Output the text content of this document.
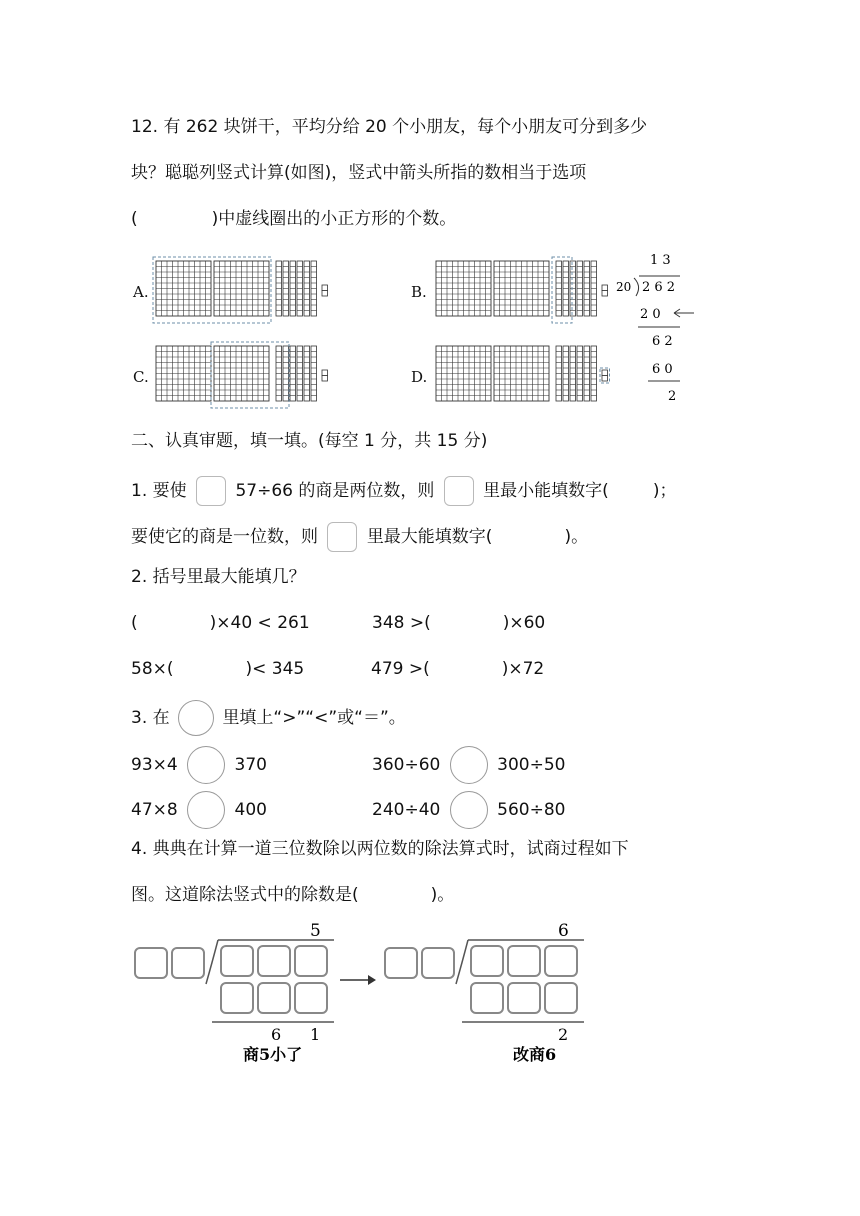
12. 有 262 块饼干，平均分给 20 个小朋友，每个小朋友可分到多少
块？聪聪列竖式计算(如图)，竖式中箭头所指的数相当于选项
(	)中虚线圈出的小正方形的个数。
A.	B.
C.	D.
1 3
20 2 6 2
2 0
6 2
6 0
2
二、认真审题，填一填。(每空 1 分，共 15 分)
1. 要使	57÷66 的商是两位数，则	里最小能填数字(	)；
要使它的商是一位数，则	里最大能填数字(	)。
2. 括号里最大能填几？
(	)×40 < 261	348 >(	)×60
58×(	)< 345	479 >(	)×72
3. 在	里填上“>”“<”或“＝”。
93×4	370	360÷60	300÷50
47×8	400	240÷40	560÷80
4. 典典在计算一道三位数除以两位数的除法算式时，试商过程如下
图。这道除法竖式中的除数是(	)。
5
6 1
商5小了
6
2
改商6
